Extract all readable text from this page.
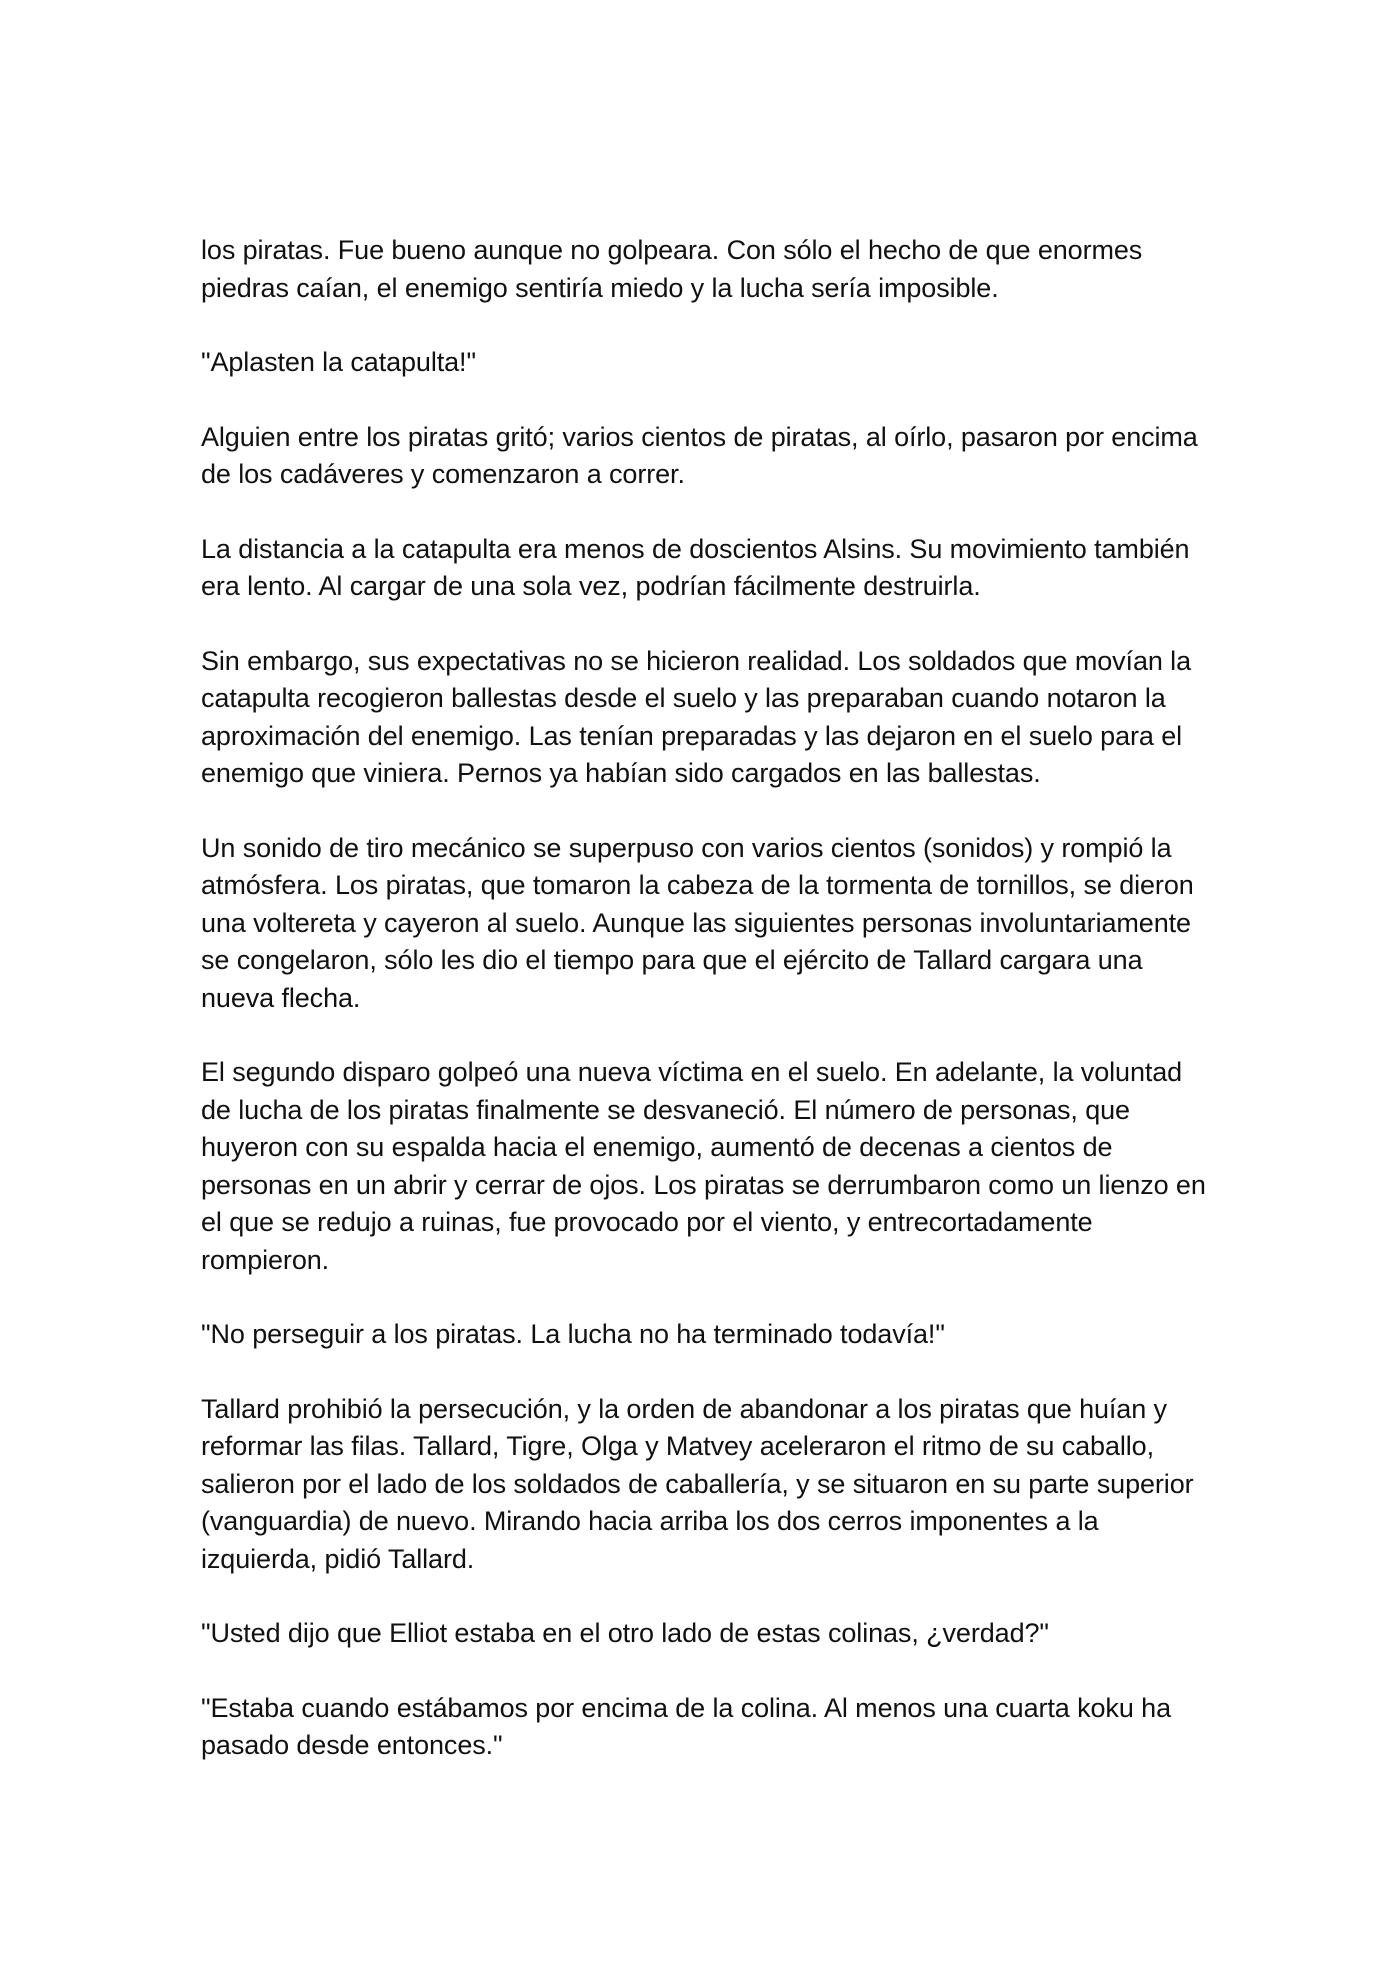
los piratas. Fue bueno aunque no golpeara. Con sólo el hecho de que enormes piedras caían, el enemigo sentiría miedo y la lucha sería imposible.

"Aplasten la catapulta!"

Alguien entre los piratas gritó; varios cientos de piratas, al oírlo, pasaron por encima de los cadáveres y comenzaron a correr.

La distancia a la catapulta era menos de doscientos Alsins. Su movimiento también era lento. Al cargar de una sola vez, podrían fácilmente destruirla.

Sin embargo, sus expectativas no se hicieron realidad. Los soldados que movían la catapulta recogieron ballestas desde el suelo y las preparaban cuando notaron la aproximación del enemigo. Las tenían preparadas y las dejaron en el suelo para el enemigo que viniera. Pernos ya habían sido cargados en las ballestas.

Un sonido de tiro mecánico se superpuso con varios cientos (sonidos) y rompió la atmósfera. Los piratas, que tomaron la cabeza de la tormenta de tornillos, se dieron una voltereta y cayeron al suelo. Aunque las siguientes personas involuntariamente se congelaron, sólo les dio el tiempo para que el ejército de Tallard cargara una nueva flecha.

El segundo disparo golpeó una nueva víctima en el suelo. En adelante, la voluntad de lucha de los piratas finalmente se desvaneció. El número de personas, que huyeron con su espalda hacia el enemigo, aumentó de decenas a cientos de personas en un abrir y cerrar de ojos. Los piratas se derrumbaron como un lienzo en el que se redujo a ruinas, fue provocado por el viento, y entrecortadamente rompieron.

"No perseguir a los piratas. La lucha no ha terminado todavía!"

Tallard prohibió la persecución, y la orden de abandonar a los piratas que huían y reformar las filas. Tallard, Tigre, Olga y Matvey aceleraron el ritmo de su caballo, salieron por el lado de los soldados de caballería, y se situaron en su parte superior (vanguardia) de nuevo. Mirando hacia arriba los dos cerros imponentes a la izquierda, pidió Tallard.

"Usted dijo que Elliot estaba en el otro lado de estas colinas, ¿verdad?"

"Estaba cuando estábamos por encima de la colina. Al menos una cuarta koku ha pasado desde entonces."
